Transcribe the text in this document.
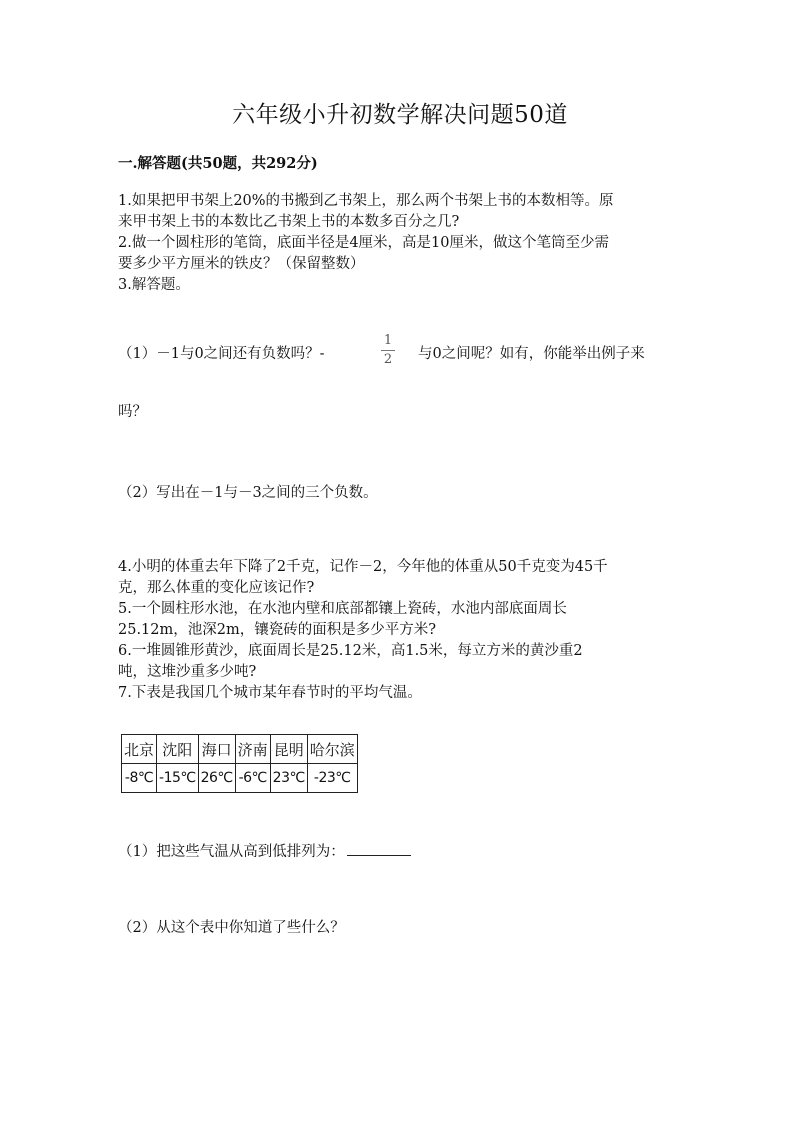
六年级小升初数学解决问题50道
一.解答题(共50题，共292分)
1.如果把甲书架上20%的书搬到乙书架上，那么两个书架上书的本数相等。原
来甲书架上书的本数比乙书架上书的本数多百分之几?
2.做一个圆柱形的笔筒，底面半径是4厘米，高是10厘米，做这个笔筒至少需
要多少平方厘米的铁皮？（保留整数）
3.解答题。
（1）－1与0之间还有负数吗？-
1
2 与0之间呢？如有，你能举出例子来
吗？
（2）写出在－1与－3之间的三个负数。
4.小明的体重去年下降了2千克，记作－2，今年他的体重从50千克变为45千
克，那么体重的变化应该记作?
5.一个圆柱形水池，在水池内壁和底部都镶上瓷砖，水池内部底面周长
25.12m，池深2m，镶瓷砖的面积是多少平方米?
6.一堆圆锥形黄沙，底面周长是25.12米，高1.5米，每立方米的黄沙重2
吨，这堆沙重多少吨?
7.下表是我国几个城市某年春节时的平均气温。
北京	沈阳	海口	济南	昆明	哈尔滨
-8℃	-15℃	26℃	-6℃	23℃	-23℃
（1）把这些气温从高到低排列为：
（2）从这个表中你知道了些什么？
